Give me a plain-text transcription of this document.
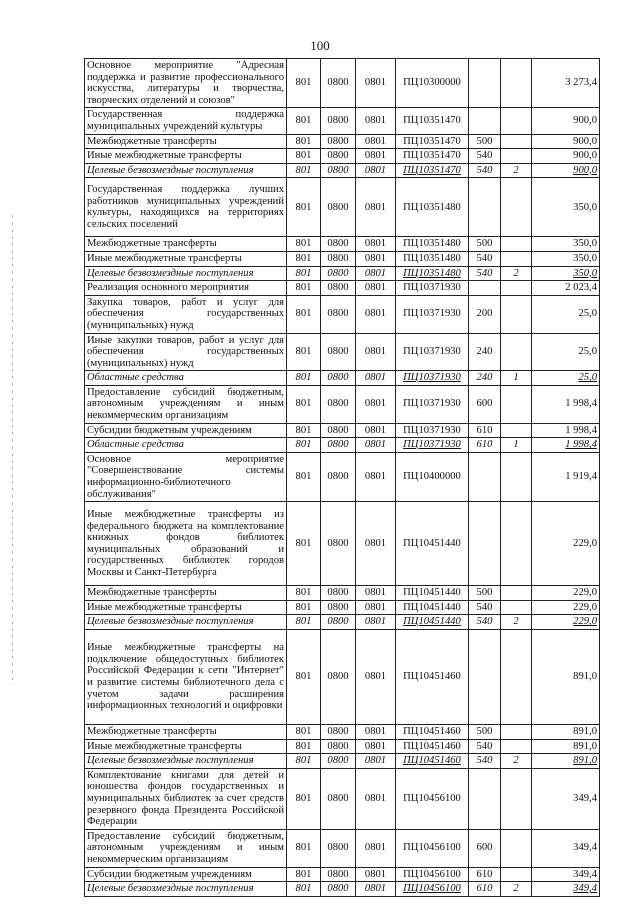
100
Основное мероприятие "Адресная поддержка и развитие профессионального искусства, литературы и творчества, творческих отделений и союзов"	801	0800	0801	ПЦ10300000			3 273,4
Государственная поддержка муниципальных учреждений культуры	801	0800	0801	ПЦ10351470			900,0
Межбюджетные трансферты	801	0800	0801	ПЦ10351470	500		900,0
Иные межбюджетные трансферты	801	0800	0801	ПЦ10351470	540		900,0
Целевые безвозмездные поступления	801	0800	0801	ПЦ10351470	540	2	900,0
Государственная поддержка лучших работников муниципальных учреждений культуры, находящихся на территориях сельских поселений	801	0800	0801	ПЦ10351480			350,0
Межбюджетные трансферты	801	0800	0801	ПЦ10351480	500		350,0
Иные межбюджетные трансферты	801	0800	0801	ПЦ10351480	540		350,0
Целевые безвозмездные поступления	801	0800	0801	ПЦ10351480	540	2	350,0
Реализация основного мероприятия	801	0800	0801	ПЦ10371930			2 023,4
Закупка товаров, работ и услуг для обеспечения государственных (муниципальных) нужд	801	0800	0801	ПЦ10371930	200		25,0
Иные закупки товаров, работ и услуг для обеспечения государственных (муниципальных) нужд	801	0800	0801	ПЦ10371930	240		25,0
Областные средства	801	0800	0801	ПЦ10371930	240	1	25,0
Предоставление субсидий бюджетным, автономным учреждениям и иным некоммерческим организациям	801	0800	0801	ПЦ10371930	600		1 998,4
Субсидии бюджетным учреждениям	801	0800	0801	ПЦ10371930	610		1 998,4
Областные средства	801	0800	0801	ПЦ10371930	610	1	1 998,4
Основное мероприятие "Совершенствование системы информационно-библиотечного обслуживания"	801	0800	0801	ПЦ10400000			1 919,4
Иные межбюджетные трансферты из федерального бюджета на комплектование книжных фондов библиотек муниципальных образований и государственных библиотек городов Москвы и Санкт-Петербурга	801	0800	0801	ПЦ10451440			229,0
Межбюджетные трансферты	801	0800	0801	ПЦ10451440	500		229,0
Иные межбюджетные трансферты	801	0800	0801	ПЦ10451440	540		229,0
Целевые безвозмездные поступления	801	0800	0801	ПЦ10451440	540	2	229,0
Иные межбюджетные трансферты на подключение общедоступных библиотек Российской Федерации к сети "Интернет" и развитие системы библиотечного дела с учетом задачи расширения информационных технологий и оцифровки	801	0800	0801	ПЦ10451460			891,0
Межбюджетные трансферты	801	0800	0801	ПЦ10451460	500		891,0
Иные межбюджетные трансферты	801	0800	0801	ПЦ10451460	540		891,0
Целевые безвозмездные поступления	801	0800	0801	ПЦ10451460	540	2	891,0
Комплектование книгами для детей и юношества фондов государственных и муниципальных библиотек за счет средств резервного фонда Президента Российской Федерации	801	0800	0801	ПЦ10456100			349,4
Предоставление субсидий бюджетным, автономным учреждениям и иным некоммерческим организациям	801	0800	0801	ПЦ10456100	600		349,4
Субсидии бюджетным учреждениям	801	0800	0801	ПЦ10456100	610		349,4
Целевые безвозмездные поступления	801	0800	0801	ПЦ10456100	610	2	349,4
